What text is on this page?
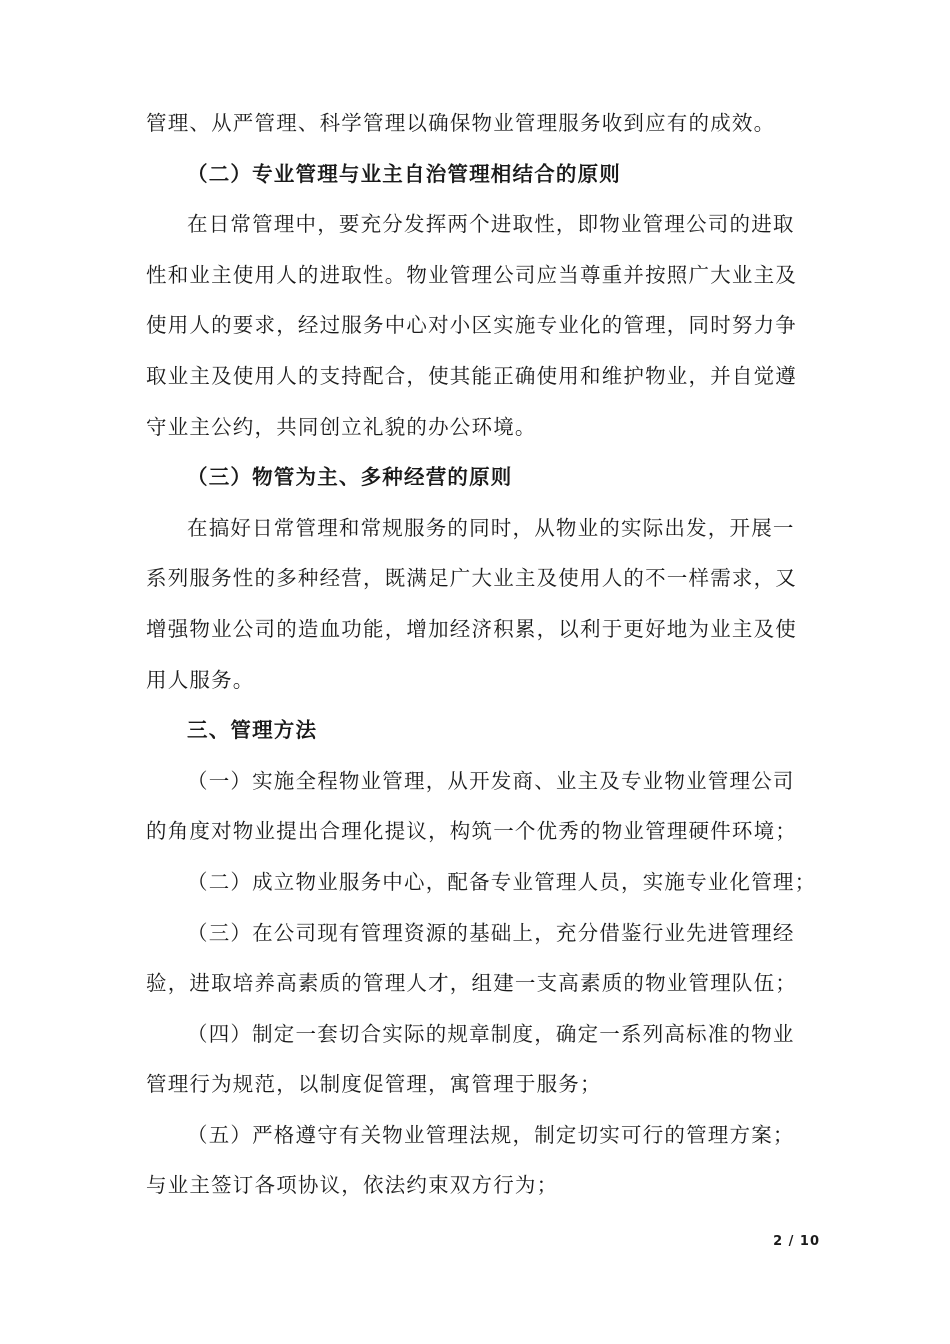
管理、从严管理、科学管理以确保物业管理服务收到应有的成效。
（二）专业管理与业主自治管理相结合的原则
在日常管理中，要充分发挥两个进取性，即物业管理公司的进取
性和业主使用人的进取性。物业管理公司应当尊重并按照广大业主及
使用人的要求，经过服务中心对小区实施专业化的管理，同时努力争
取业主及使用人的支持配合，使其能正确使用和维护物业，并自觉遵
守业主公约，共同创立礼貌的办公环境。
（三）物管为主、多种经营的原则
在搞好日常管理和常规服务的同时，从物业的实际出发，开展一
系列服务性的多种经营，既满足广大业主及使用人的不一样需求，又
增强物业公司的造血功能，增加经济积累，以利于更好地为业主及使
用人服务。
三、管理方法
（一）实施全程物业管理，从开发商、业主及专业物业管理公司
的角度对物业提出合理化提议，构筑一个优秀的物业管理硬件环境；
（二）成立物业服务中心，配备专业管理人员，实施专业化管理；
（三）在公司现有管理资源的基础上，充分借鉴行业先进管理经
验，进取培养高素质的管理人才，组建一支高素质的物业管理队伍；
（四）制定一套切合实际的规章制度，确定一系列高标准的物业
管理行为规范，以制度促管理，寓管理于服务；
（五）严格遵守有关物业管理法规，制定切实可行的管理方案；
与业主签订各项协议，依法约束双方行为；
2 / 10
